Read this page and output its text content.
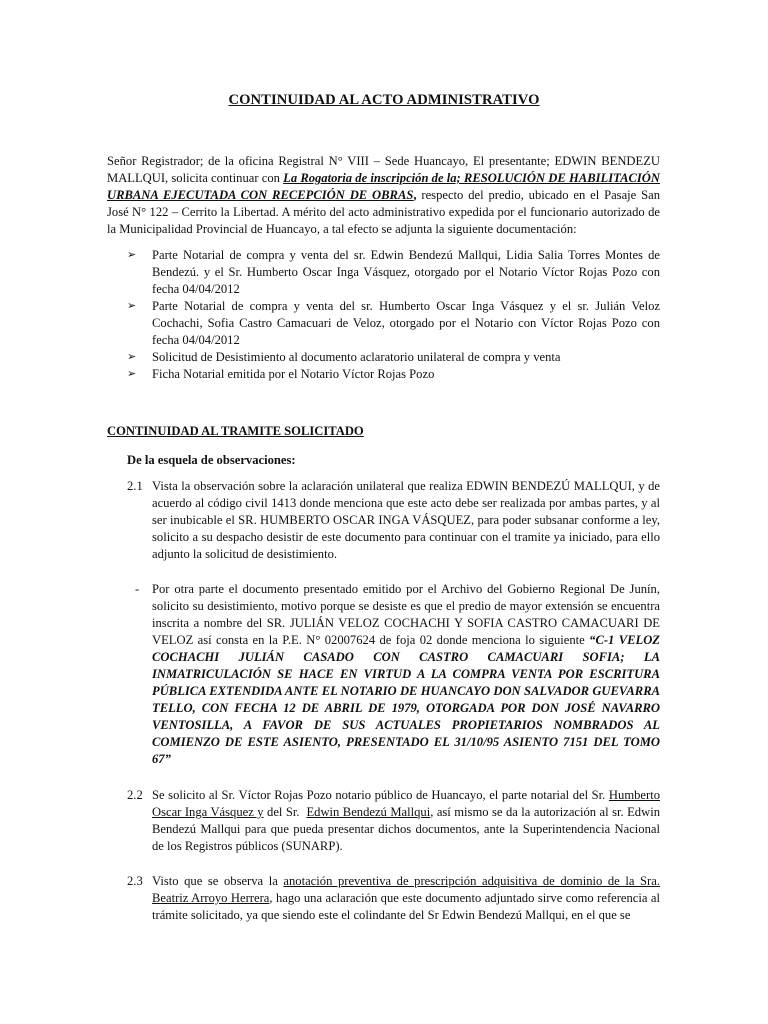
CONTINUIDAD AL ACTO ADMINISTRATIVO

Señor Registrador; de la oficina Registral N° VIII – Sede Huancayo, El presentante; EDWIN BENDEZU MALLQUI, solicita continuar con La Rogatoria de inscripción de la; RESOLUCIÓN DE HABILITACIÓN URBANA EJECUTADA CON RECEPCIÓN DE OBRAS, respecto del predio, ubicado en el Pasaje San José N° 122 – Cerrito la Libertad. A mérito del acto administrativo expedida por el funcionario autorizado de la Municipalidad Provincial de Huancayo, a tal efecto se adjunta la siguiente documentación:

➢ Parte Notarial de compra y venta del sr. Edwin Bendezú Mallqui, Lidia Salia Torres Montes de Bendezú. y el Sr. Humberto Oscar Inga Vásquez, otorgado por el Notario Víctor Rojas Pozo con fecha 04/04/2012
➢ Parte Notarial de compra y venta del sr. Humberto Oscar Inga Vásquez y el sr. Julián Veloz Cochachi, Sofia Castro Camacuari de Veloz, otorgado por el Notario con Víctor Rojas Pozo con fecha 04/04/2012
➢ Solicitud de Desistimiento al documento aclaratorio unilateral de compra y venta
➢ Ficha Notarial emitida por el Notario Víctor Rojas Pozo
CONTINUIDAD AL TRAMITE SOLICITADO
De la esquela de observaciones:
2.1 Vista la observación sobre la aclaración unilateral que realiza EDWIN BENDEZÚ MALLQUI, y de acuerdo al código civil 1413 donde menciona que este acto debe ser realizada por ambas partes, y al ser inubicable el SR. HUMBERTO OSCAR INGA VÁSQUEZ, para poder subsanar conforme a ley, solicito a su despacho desistir de este documento para continuar con el tramite ya iniciado, para ello adjunto la solicitud de desistimiento.
- Por otra parte el documento presentado emitido por el Archivo del Gobierno Regional De Junín, solicito su desistimiento, motivo porque se desiste es que el predio de mayor extensión se encuentra inscrita a nombre del SR. JULIÁN VELOZ COCHACHI Y SOFIA CASTRO CAMACUARI DE VELOZ así consta en la P.E. N° 02007624 de foja 02 donde menciona lo siguiente “C-1 VELOZ COCHACHI JULIÁN CASADO CON CASTRO CAMACUARI SOFIA; LA INMATRICULACIÓN SE HACE EN VIRTUD A LA COMPRA VENTA POR ESCRITURA PÚBLICA EXTENDIDA ANTE EL NOTARIO DE HUANCAYO DON SALVADOR GUEVARRA TELLO, CON FECHA 12 DE ABRIL DE 1979, OTORGADA POR DON JOSÉ NAVARRO VENTOSILLA, A FAVOR DE SUS ACTUALES PROPIETARIOS NOMBRADOS AL COMIENZO DE ESTE ASIENTO, PRESENTADO EL 31/10/95 ASIENTO 7151 DEL TOMO 67”
2.2 Se solicito al Sr. Víctor Rojas Pozo notario público de Huancayo, el parte notarial del Sr. Humberto Oscar Inga Vásquez y del Sr.  Edwin Bendezú Mallqui, así mismo se da la autorización al sr. Edwin Bendezú Mallqui para que pueda presentar dichos documentos, ante la Superintendencia Nacional de los Registros públicos (SUNARP).
2.3 Visto que se observa la anotación preventiva de prescripción adquisitiva de dominio de la Sra. Beatriz Arroyo Herrera, hago una aclaración que este documento adjuntado sirve como referencia al trámite solicitado, ya que siendo este el colindante del Sr Edwin Bendezú Mallqui, en el que se
